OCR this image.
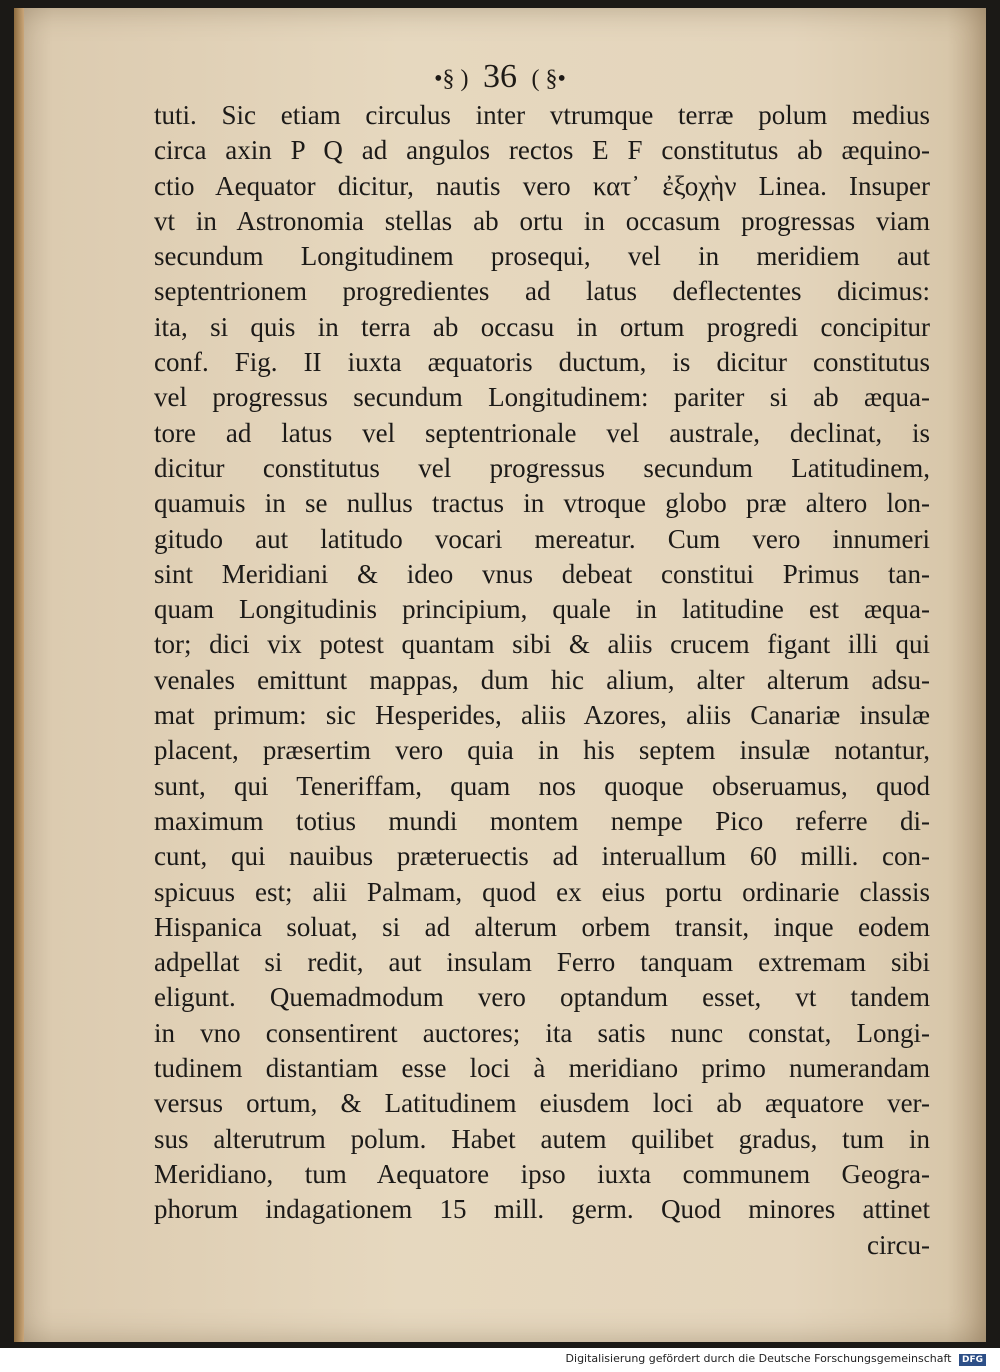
•§ ) 36 ( §•
tuti. Sic etiam circulus inter vtrumque terræ polum medius
circa axin P Q ad angulos rectos E F constitutus ab æquino-
ctio Aequator dicitur, nautis vero κατ᾽ ἐξοχὴν Linea. Insuper
vt in Astronomia stellas ab ortu in occasum progressas viam
secundum Longitudinem prosequi, vel in meridiem aut
septentrionem progredientes ad latus deflectentes dicimus:
ita, si quis in terra ab occasu in ortum progredi concipitur
conf. Fig. II iuxta æquatoris ductum, is dicitur constitutus
vel progressus secundum Longitudinem: pariter si ab æqua-
tore ad latus vel septentrionale vel australe, declinat, is
dicitur constitutus vel progressus secundum Latitudinem,
quamuis in se nullus tractus in vtroque globo præ altero lon-
gitudo aut latitudo vocari mereatur. Cum vero innumeri
sint Meridiani & ideo vnus debeat constitui Primus tan-
quam Longitudinis principium, quale in latitudine est æqua-
tor; dici vix potest quantam sibi & aliis crucem figant illi qui
venales emittunt mappas, dum hic alium, alter alterum adsu-
mat primum: sic Hesperides, aliis Azores, aliis Canariæ insulæ
placent, præsertim vero quia in his septem insulæ notantur,
sunt, qui Teneriffam, quam nos quoque obseruamus, quod
maximum totius mundi montem nempe Pico referre di-
cunt, qui nauibus præteruectis ad interuallum 60 milli. con-
spicuus est; alii Palmam, quod ex eius portu ordinarie classis
Hispanica soluat, si ad alterum orbem transit, inque eodem
adpellat si redit, aut insulam Ferro tanquam extremam sibi
eligunt. Quemadmodum vero optandum esset, vt tandem
in vno consentirent auctores; ita satis nunc constat, Longi-
tudinem distantiam esse loci à meridiano primo numerandam
versus ortum, & Latitudinem eiusdem loci ab æquatore ver-
sus alterutrum polum. Habet autem quilibet gradus, tum in
Meridiano, tum Aequatore ipso iuxta communem Geogra-
phorum indagationem 15 mill. germ. Quod minores attinet
circu-
Digitalisierung gefördert durch die Deutsche Forschungsgemeinschaft DFG
